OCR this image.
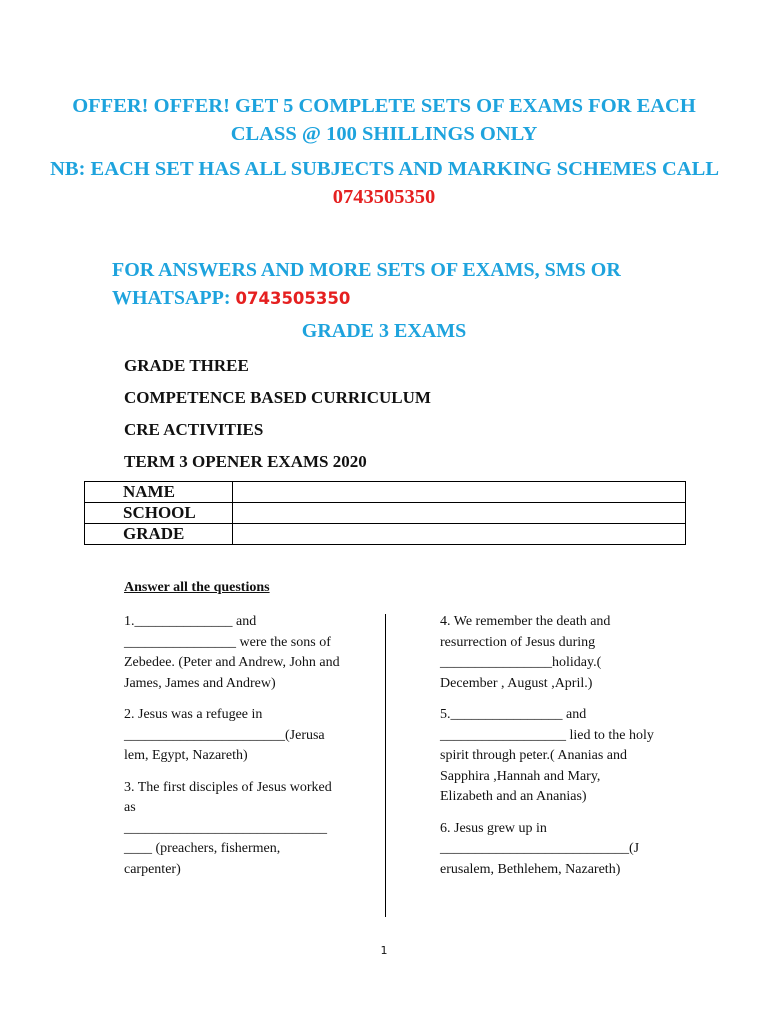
OFFER! OFFER! GET 5 COMPLETE SETS OF EXAMS FOR EACH CLASS @ 100 SHILLINGS ONLY
NB: EACH SET HAS ALL SUBJECTS AND MARKING SCHEMES CALL 0743505350
FOR ANSWERS AND MORE SETS OF EXAMS, SMS OR WHATSAPP: 0743505350
GRADE 3 EXAMS
GRADE THREE
COMPETENCE BASED CURRICULUM
CRE ACTIVITIES
TERM 3 OPENER EXAMS 2020
NAME	
SCHOOL	
GRADE	
Answer all the questions

1.______________ and ________________ were the sons of Zebedee. (Peter and Andrew, John and James, James and Andrew)

2. Jesus was a refugee in _______________________(Jerusa lem, Egypt, Nazareth)

3. The first disciples of Jesus worked as _____________________________ ____ (preachers, fishermen, carpenter)

4. We remember the death and resurrection of Jesus during ________________holiday.( December , August ,April.)

5.________________ and __________________ lied to the holy spirit through peter.( Ananias and Sapphira ,Hannah and Mary, Elizabeth and an Ananias)

6. Jesus grew up in ___________________________(J erusalem, Bethlehem, Nazareth)

1
